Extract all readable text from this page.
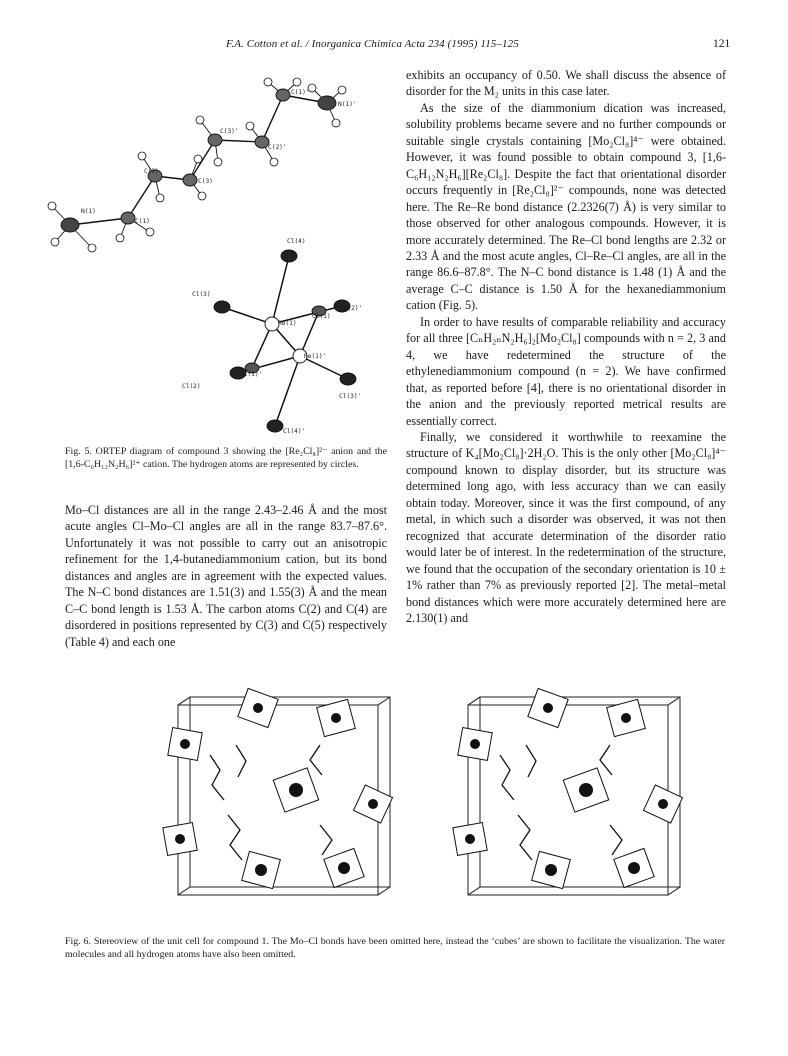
F.A. Cotton et al. / Inorganica Chimica Acta 234 (1995) 115–125	121
C(1)'
N(1)'
C(3)'
C(2)'
C(2)
C(3)
N(1)
C(1)
Cl(4)
Cl(3)
Cl(2)'
Cl(1)
Re(1)
Re(1)'
Cl(1)'
Cl(2)
Cl(3)'
Cl(4)'
Fig. 5. ORTEP diagram of compound 3 showing the [Re₂Cl₈]²⁻ anion and the [1,6-C₆H₁₂N₂H₆]²⁺ cation. The hydrogen atoms are represented by circles.

Mo–Cl distances are all in the range 2.43–2.46 Å and the most acute angles Cl–Mo–Cl angles are all in the range 83.7–87.6°. Unfortunately it was not possible to carry out an anisotropic refinement for the 1,4-butanediammonium cation, but its bond distances and angles are in agreement with the expected values. The N–C bond distances are 1.51(3) and 1.55(3) Å and the mean C–C bond length is 1.53 Å. The carbon atoms C(2) and C(4) are disordered in positions represented by C(3) and C(5) respectively (Table 4) and each one

exhibits an occupancy of 0.50. We shall discuss the absence of disorder for the M₂ units in this case later.

As the size of the diammonium dication was increased, solubility problems became severe and no further compounds or suitable single crystals containing [Mo₂Cl₈]⁴⁻ were obtained. However, it was found possible to obtain compound 3, [1,6-C₆H₁₂N₂H₆][Re₂Cl₈]. Despite the fact that orientational disorder occurs frequently in [Re₂Cl₈]²⁻ compounds, none was detected here. The Re–Re bond distance (2.2326(7) Å) is very similar to those observed for other analogous compounds. However, it is more accurately determined. The Re–Cl bond lengths are 2.32 or 2.33 Å and the most acute angles, Cl–Re–Cl angles, are all in the range 86.6–87.8°. The N–C bond distance is 1.48 (1) Å and the average C–C distance is 1.50 Å for the hexanediammonium cation (Fig. 5).

In order to have results of comparable reliability and accuracy for all three [CₙH₂ₙN₂H₆]₂[Mo₂Cl₈] compounds with n = 2, 3 and 4, we have redetermined the structure of the ethylenediammonium compound (n = 2). We have confirmed that, as reported before [4], there is no orientational disorder in the anion and the previously reported metrical results are essentially correct.

Finally, we considered it worthwhile to reexamine the structure of K₄[Mo₂Cl₈]·2H₂O. This is the only other [Mo₂Cl₈]⁴⁻ compound known to display disorder, but its structure was determined long ago, with less accuracy than we can easily obtain today. Moreover, since it was the first compound, of any metal, in which such a disorder was observed, it was not then recognized that accurate determination of the disorder ratio would later be of interest. In the redetermination of the structure, we found that the occupation of the secondary orientation is 10 ± 1% rather than 7% as previously reported [2]. The metal–metal bond distances which were more accurately determined here are 2.130(1) and

Fig. 6. Stereoview of the unit cell for compound 1. The Mo–Cl bonds have been omitted here, instead the ‘cubes’ are shown to facilitate the visualization. The water molecules and all hydrogen atoms have also been omitted.
